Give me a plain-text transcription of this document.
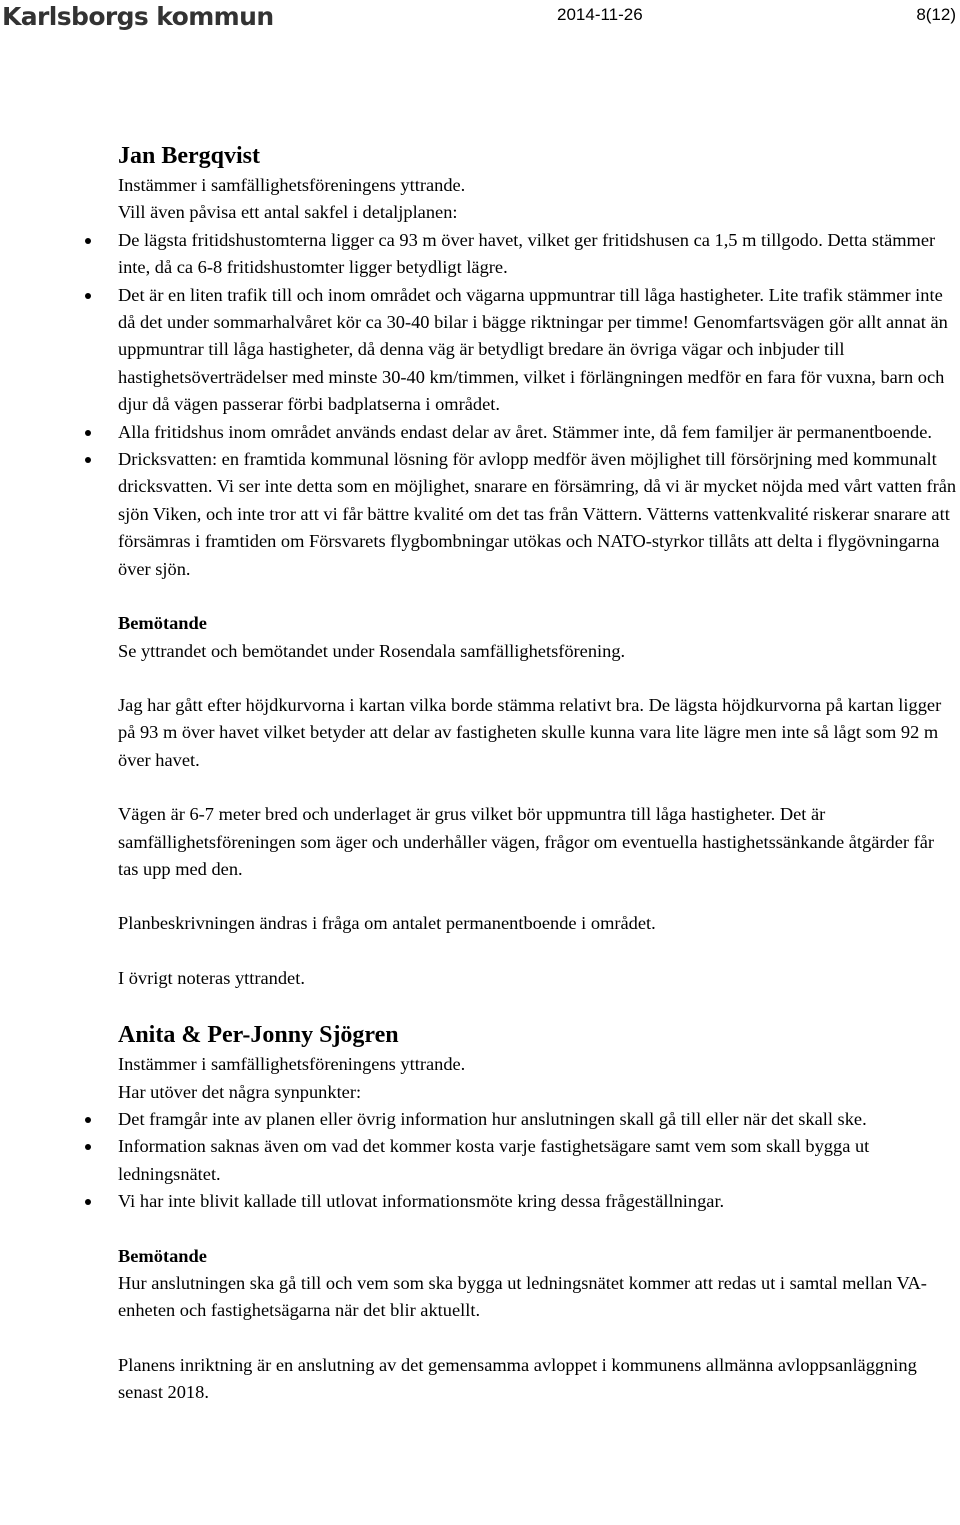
Karlsborgs kommun	2014-11-26	8(12)

Jan Bergqvist

Instämmer i samfällighetsföreningens yttrande.

Vill även påvisa ett antal sakfel i detaljplanen:

De lägsta fritidshustomterna ligger ca 93 m över havet, vilket ger fritidshusen ca 1,5 m tillgodo. Detta stämmer inte, då ca 6-8 fritidshustomter ligger betydligt lägre.
Det är en liten trafik till och inom området och vägarna uppmuntrar till låga hastigheter. Lite trafik stämmer inte då det under sommarhalvåret kör ca 30-40 bilar i bägge riktningar per timme! Genomfartsvägen gör allt annat än uppmuntrar till låga hastigheter, då denna väg är betydligt bredare än övriga vägar och inbjuder till hastighetsöverträdelser med minste 30-40 km/timmen, vilket i förlängningen medför en fara för vuxna, barn och djur då vägen passerar förbi badplatserna i området.
Alla fritidshus inom området används endast delar av året. Stämmer inte, då fem familjer är permanentboende.
Dricksvatten: en framtida kommunal lösning för avlopp medför även möjlighet till försörjning med kommunalt dricksvatten. Vi ser inte detta som en möjlighet, snarare en försämring, då vi är mycket nöjda med vårt vatten från sjön Viken, och inte tror att vi får bättre kvalité om det tas från Vättern. Vätterns vattenkvalité riskerar snarare att försämras i framtiden om Försvarets flygbombningar utökas och NATO-styrkor tillåts att delta i flygövningarna över sjön.

Bemötande

Se yttrandet och bemötandet under Rosendala samfällighetsförening.

Jag har gått efter höjdkurvorna i kartan vilka borde stämma relativt bra. De lägsta höjdkurvorna på kartan ligger på 93 m över havet vilket betyder att delar av fastigheten skulle kunna vara lite lägre men inte så lågt som 92 m över havet.

Vägen är 6-7 meter bred och underlaget är grus vilket bör uppmuntra till låga hastigheter. Det är samfällighetsföreningen som äger och underhåller vägen, frågor om eventuella hastighetssänkande åtgärder får tas upp med den.

Planbeskrivningen ändras i fråga om antalet permanentboende i området.

I övrigt noteras yttrandet.

Anita & Per-Jonny Sjögren

Instämmer i samfällighetsföreningens yttrande.

Har utöver det några synpunkter:

Det framgår inte av planen eller övrig information hur anslutningen skall gå till eller när det skall ske.
Information saknas även om vad det kommer kosta varje fastighetsägare samt vem som skall bygga ut ledningsnätet.
Vi har inte blivit kallade till utlovat informationsmöte kring dessa frågeställningar.

Bemötande

Hur anslutningen ska gå till och vem som ska bygga ut ledningsnätet kommer att redas ut i samtal mellan VA-enheten och fastighetsägarna när det blir aktuellt.

Planens inriktning är en anslutning av det gemensamma avloppet i kommunens allmänna avloppsanläggning senast 2018.
